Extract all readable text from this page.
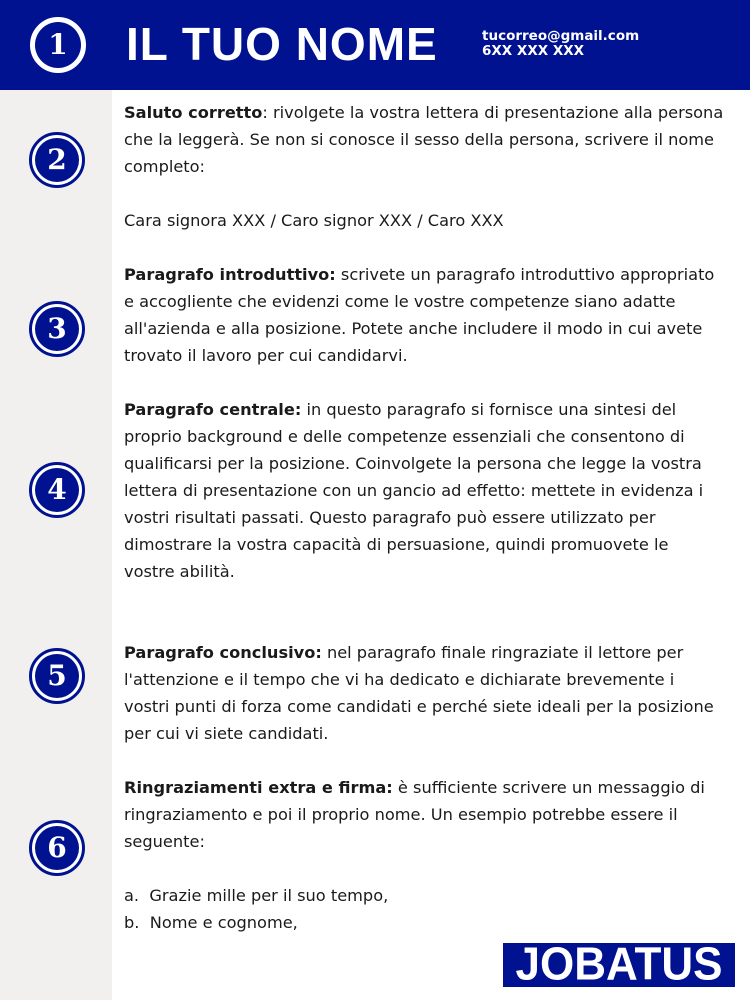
1 IL TUO NOME	tucorreo@gmail.com
6XX XXX XXX
2
3
4
5
6

Saluto corretto: rivolgete la vostra lettera di presentazione alla persona che la leggerà. Se non si conosce il sesso della persona, scrivere il nome completo:

Cara signora XXX / Caro signor XXX / Caro XXX

Paragrafo introduttivo: scrivete un paragrafo introduttivo appropriato e accogliente che evidenzi come le vostre competenze siano adatte all'azienda e alla posizione. Potete anche includere il modo in cui avete trovato il lavoro per cui candidarvi.

Paragrafo centrale: in questo paragrafo si fornisce una sintesi del proprio background e delle competenze essenziali che consentono di qualificarsi per la posizione. Coinvolgete la persona che legge la vostra lettera di presentazione con un gancio ad effetto: mettete in evidenza i vostri risultati passati. Questo paragrafo può essere utilizzato per dimostrare la vostra capacità di persuasione, quindi promuovete le vostre abilità.

Paragrafo conclusivo: nel paragrafo finale ringraziate il lettore per l'attenzione e il tempo che vi ha dedicato e dichiarate brevemente i vostri punti di forza come candidati e perché siete ideali per la posizione per cui vi siete candidati.

Ringraziamenti extra e firma: è sufficiente scrivere un messaggio di ringraziamento e poi il proprio nome. Un esempio potrebbe essere il seguente:

a.  Grazie mille per il suo tempo,

b.  Nome e cognome,

JOBATUS
